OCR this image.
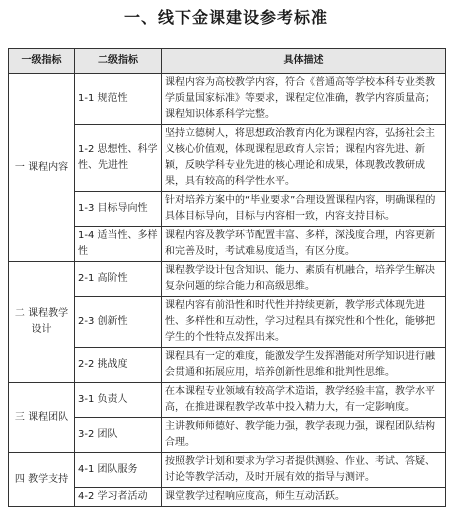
一、线下金课建设参考标准
一级指标	二级指标	具体描述
一 课程内容	1-1 规范性	课程内容为高校教学内容，符合《普通高等学校本科专业类教学质量国家标准》等要求，课程定位准确，教学内容质量高；课程知识体系科学完整。
	1-2 思想性、科学性、先进性	坚持立德树人，将思想政治教育内化为课程内容，弘扬社会主义核心价值观，体现课程思政育人宗旨；课程内容先进、新颖，反映学科专业先进的核心理论和成果，体现教改教研成果，具有较高的科学性水平。
	1-3 目标导向性	针对培养方案中的“毕业要求”合理设置课程内容，明确课程的具体目标导向，目标与内容相一致，内容支持目标。
	1-4 适当性、多样性	课程内容及教学环节配置丰富、多样，深浅度合理，内容更新和完善及时，考试难易度适当，有区分度。
二 课程教学设计	2-1 高阶性	课程教学设计包含知识、能力、素质有机融合，培养学生解决复杂问题的综合能力和高级思维。
	2-3 创新性	课程内容有前沿性和时代性并持续更新，教学形式体现先进性、多样性和互动性，学习过程具有探究性和个性化，能够把学生的个性特点发挥出来。
	2-2 挑战度	课程具有一定的难度，能激发学生发挥潜能对所学知识进行融会贯通和拓展应用，培养创新性思维和批判性思维。
三 课程团队	3-1 负责人	在本课程专业领域有较高学术造诣，教学经验丰富，教学水平高，在推进课程教学改革中投入精力大，有一定影响度。
	3-2 团队	主讲教师师德好、教学能力强，教学表现力强，课程团队结构合理。
四 教学支持	4-1 团队服务	按照教学计划和要求为学习者提供测验、作业、考试、答疑、讨论等教学活动，及时开展有效的指导与测评。
	4-2 学习者活动	课堂教学过程响应度高，师生互动活跃。
